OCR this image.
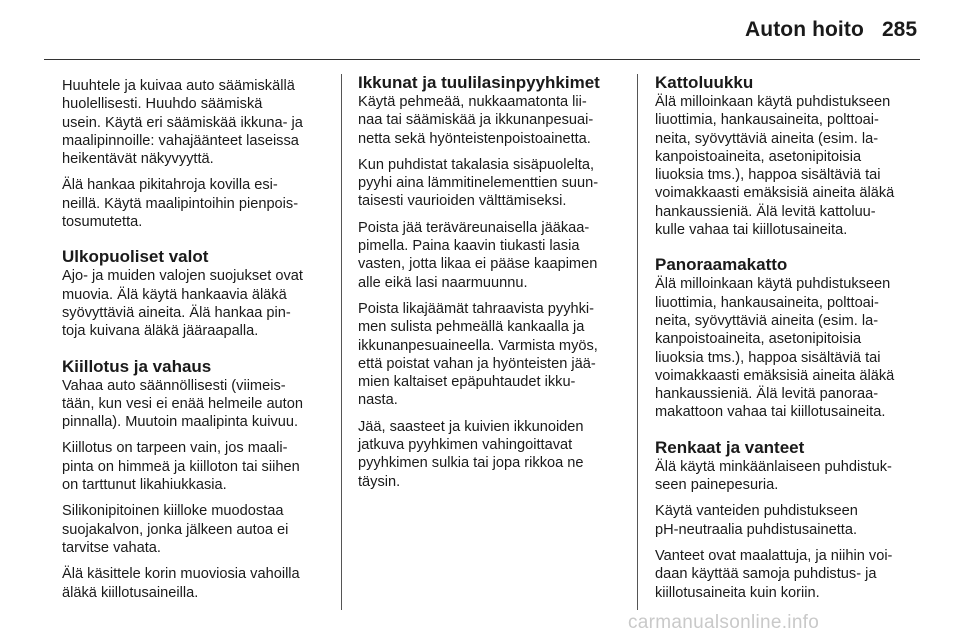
Auton hoito 285

Huuhtele ja kuivaa auto säämiskällä
huolellisesti. Huuhdo säämiskä
usein. Käytä eri säämiskää ikkuna- ja
maalipinnoille: vahajäänteet laseissa
heikentävät näkyvyyttä.

Älä hankaa pikitahroja kovilla esi-
neillä. Käytä maalipintoihin pienpois-
tosumutetta.

Ulkopuoliset valot

Ajo- ja muiden valojen suojukset ovat
muovia. Älä käytä hankaavia äläkä
syövyttäviä aineita. Älä hankaa pin-
toja kuivana äläkä jääraapalla.

Kiillotus ja vahaus

Vahaa auto säännöllisesti (viimeis-
tään, kun vesi ei enää helmeile auton
pinnalla). Muutoin maalipinta kuivuu.

Kiillotus on tarpeen vain, jos maali-
pinta on himmeä ja kiilloton tai siihen
on tarttunut likahiukkasia.

Silikonipitoinen kiilloke muodostaa
suojakalvon, jonka jälkeen autoa ei
tarvitse vahata.

Älä käsittele korin muoviosia vahoilla
äläkä kiillotusaineilla.

Ikkunat ja tuulilasinpyyhkimet

Käytä pehmeää, nukkaamatonta lii-
naa tai säämiskää ja ikkunanpesuai-
netta sekä hyönteistenpoistoainetta.

Kun puhdistat takalasia sisäpuolelta,
pyyhi aina lämmitinelementtien suun-
taisesti vaurioiden välttämiseksi.

Poista jää teräväreunaisella jääkaa-
pimella. Paina kaavin tiukasti lasia
vasten, jotta likaa ei pääse kaapimen
alle eikä lasi naarmuunnu.

Poista likajäämät tahraavista pyyhki-
men sulista pehmeällä kankaalla ja
ikkunanpesuaineella. Varmista myös,
että poistat vahan ja hyönteisten jää-
mien kaltaiset epäpuhtaudet ikku-
nasta.

Jää, saasteet ja kuivien ikkunoiden
jatkuva pyyhkimen vahingoittavat
pyyhkimen sulkia tai jopa rikkoa ne
täysin.

Kattoluukku

Älä milloinkaan käytä puhdistukseen
liuottimia, hankausaineita, polttoai-
neita, syövyttäviä aineita (esim. la-
kanpoistoaineita, asetonipitoisia
liuoksia tms.), happoa sisältäviä tai
voimakkaasti emäksisiä aineita äläkä
hankaussieniä. Älä levitä kattoluu-
kulle vahaa tai kiillotusaineita.

Panoraamakatto

Älä milloinkaan käytä puhdistukseen
liuottimia, hankausaineita, polttoai-
neita, syövyttäviä aineita (esim. la-
kanpoistoaineita, asetonipitoisia
liuoksia tms.), happoa sisältäviä tai
voimakkaasti emäksisiä aineita äläkä
hankaussieniä. Älä levitä panoraa-
makattoon vahaa tai kiillotusaineita.

Renkaat ja vanteet

Älä käytä minkäänlaiseen puhdistuk-
seen painepesuria.

Käytä vanteiden puhdistukseen
pH-neutraalia puhdistusainetta.

Vanteet ovat maalattuja, ja niihin voi-
daan käyttää samoja puhdistus- ja
kiillotusaineita kuin koriin.

carmanualsonline.info
